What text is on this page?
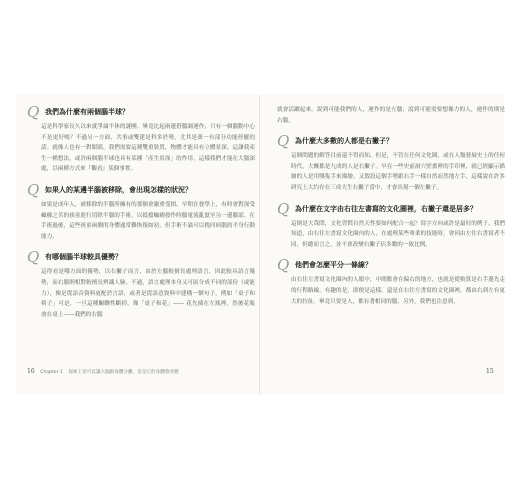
Q 我們為什麼有兩個腦半球？

這是科學家長久以來就爭論不休的謎團。畢竟比起兩邊搭腦調運作，只有一個腦動中心不是更好嗎？不過另一方面，共事或雙建是科多於勢，尤其是萬一有部分功能停擺的話。就像人也有一對眼睛，我們需要這種雙重裝置，物體才能具有立體景深。這讓我產生一種想法，或許兩個腦半球也具有某種「產生景深」的作用，這樣我們才能在大腦深處，以兩種方式來『觀看』某個事實。

Q 如果人的某邊半腦被移除，會出現怎樣的狀況？

如果是成年人，被移除的半腦所擁有的那個會嚴重受損。早期在發學上，有時會對深受癲癇之苦的孩童進行切除半腦的手術，以抵擋癲癇發作時腦電流亂竄至另一邊腦部。在手術過後，這些孩童兩側的身體通常難恢復如初，但手術不論可以挽回病腦的半身行動能力。

Q 有哪個腦半球較具優勢？

這得看是哪方面的優勢，以右撇子而言，由於左腦較擅長處理語言，因此較具語言優勢，而右腦則相對較擅長辨識人臉、不過，語言處理本身又可區分成不同的部份（或能力），像是從語音資料更配於言語，或者是從語意資料中建構一個句子，例如「桌子和椅子」可是，一旦這種關聯性斷掉，像「桌子和花」—— 花先插在左瓶裡，然後花瓶放在桌上——我們的右腦

16 Chapter 1 探索上帝可以讓大腦跟身體分離，是是它的身體會改變

就會活躍起來。說到可能我們的人，運作的是左腦；說到可能需要想像力的人，運作的則是右腦。

Q 為什麼大多數的人都是右撇子？

這個問題的解答目前還不得而知，但是，不管在任何文化圈，或在人類發展史上的任何時代，大概都是九成的人是右撇子。早在一些史前洞穴壁畫裡的手印裡，就已經顯示描繪的人是用哪隻手來描繪。又假設這個手勢跟右手一樣自然而然地左手，這樣說在許多研究上大約存在三成天生右撇子當中，才會出現一個左撇子。

Q 為什麼在文字由右往左書寫的文化圈裡，右撇子還是居多？

這倒是大哉問，文化習慣自然天性要如何配合一起？寫字方向或許是最好的例子。我們知道，由右往左書寫文化圈內的人，在處理某些專業的技能時，會因由左往右書寫者不同，但總而言之，並不會改變右撇子佔多數的一致比例。

Q 他們會怎麼平分一條線？

由右往左書寫文化圈內的人眼中，中間點會在偏右的地方，也就是從較算是右手邊先走的行程路線，有趣的是，即便是這樣，還是在右往左書寫的文化圈裡，都由右到左有更大的拉扯。畢竟只要是人，都有著相同的腦，另外，我們也注意到，

15
